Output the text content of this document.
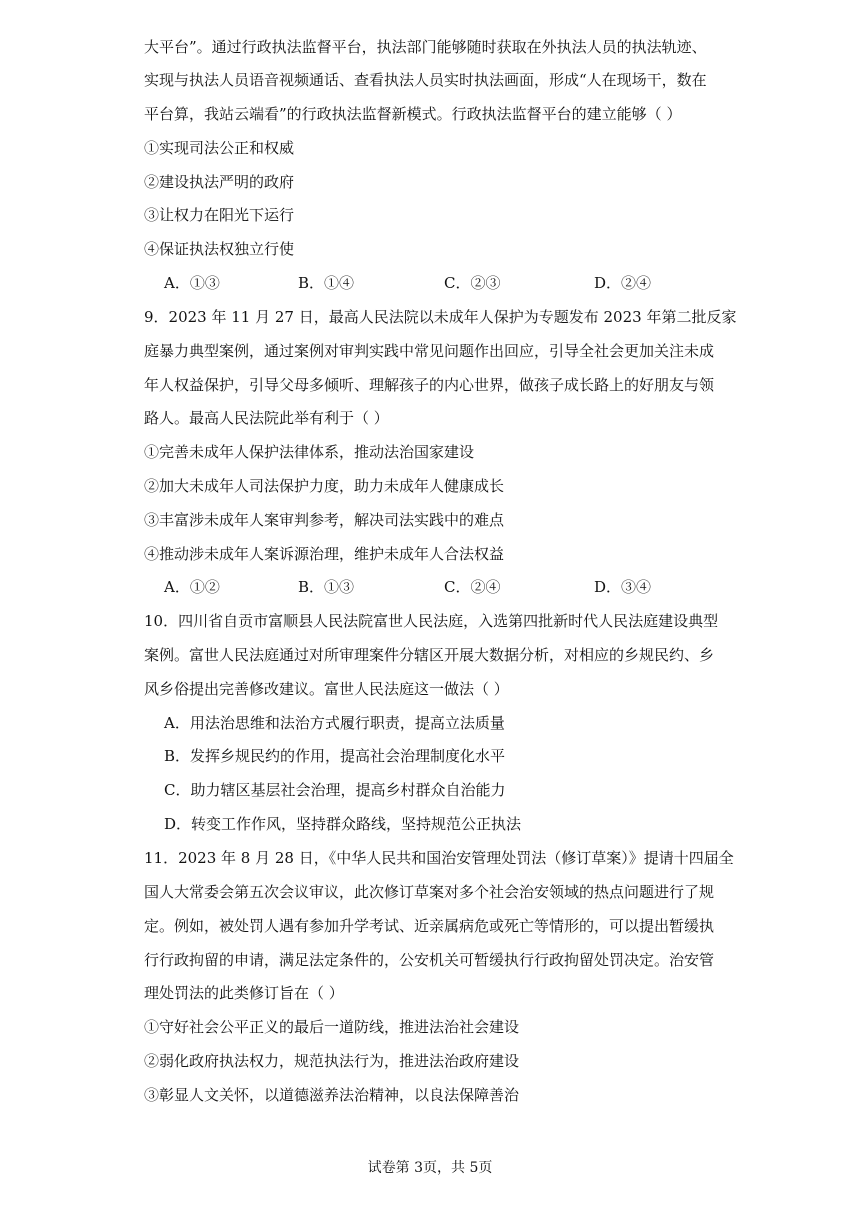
大平台”。通过行政执法监督平台，执法部门能够随时获取在外执法人员的执法轨迹、
实现与执法人员语音视频通话、查看执法人员实时执法画面，形成“人在现场干，数在
平台算，我站云端看”的行政执法监督新模式。行政执法监督平台的建立能够（ ）
①实现司法公正和权威
②建设执法严明的政府
③让权力在阳光下运行
④保证执法权独立行使
A．①③	B．①④	C．②③	D．②④
9．2023 年 11 月 27 日，最高人民法院以未成年人保护为专题发布 2023 年第二批反家
庭暴力典型案例，通过案例对审判实践中常见问题作出回应，引导全社会更加关注未成
年人权益保护，引导父母多倾听、理解孩子的内心世界，做孩子成长路上的好朋友与领
路人。最高人民法院此举有利于（ ）
①完善未成年人保护法律体系，推动法治国家建设
②加大未成年人司法保护力度，助力未成年人健康成长
③丰富涉未成年人案审判参考，解决司法实践中的难点
④推动涉未成年人案诉源治理，维护未成年人合法权益
A．①②	B．①③	C．②④	D．③④
10．四川省自贡市富顺县人民法院富世人民法庭，入选第四批新时代人民法庭建设典型
案例。富世人民法庭通过对所审理案件分辖区开展大数据分析，对相应的乡规民约、乡
风乡俗提出完善修改建议。富世人民法庭这一做法（ ）
A．用法治思维和法治方式履行职责，提高立法质量
B．发挥乡规民约的作用，提高社会治理制度化水平
C．助力辖区基层社会治理，提高乡村群众自治能力
D．转变工作作风，坚持群众路线，坚持规范公正执法
11．2023 年 8 月 28 日，《中华人民共和国治安管理处罚法（修订草案）》提请十四届全
国人大常委会第五次会议审议，此次修订草案对多个社会治安领域的热点问题进行了规
定。例如，被处罚人遇有参加升学考试、近亲属病危或死亡等情形的，可以提出暂缓执
行行政拘留的申请，满足法定条件的，公安机关可暂缓执行行政拘留处罚决定。治安管
理处罚法的此类修订旨在（ ）
①守好社会公平正义的最后一道防线，推进法治社会建设
②弱化政府执法权力，规范执法行为，推进法治政府建设
③彰显人文关怀，以道德滋养法治精神，以良法保障善治
试卷第 3页，共 5页
